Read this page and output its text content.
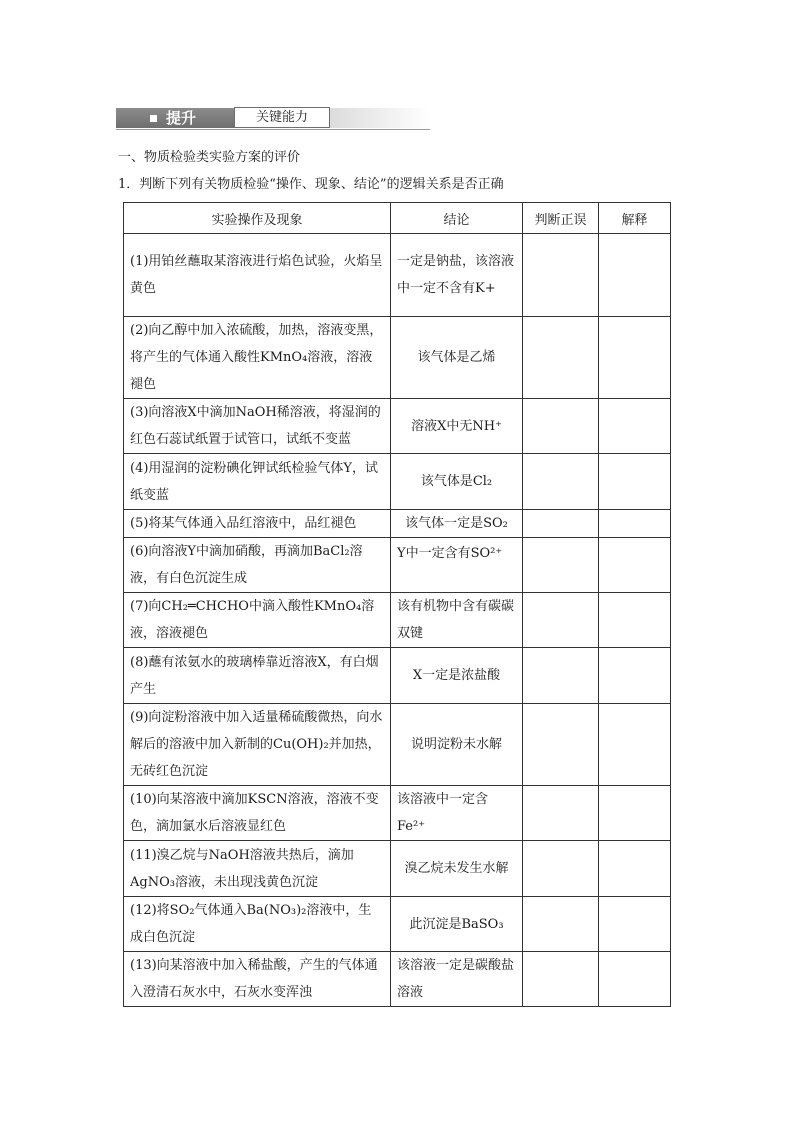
提升	关键能力
一、物质检验类实验方案的评价
1．判断下列有关物质检验“操作、现象、结论”的逻辑关系是否正确
实验操作及现象	结论	判断正误	解释
(1)用铂丝蘸取某溶液进行焰色试验，火焰呈黄色	一定是钠盐，该溶液中一定不含有K+		
(2)向乙醇中加入浓硫酸，加热，溶液变黑，将产生的气体通入酸性KMnO₄溶液，溶液褪色	该气体是乙烯		
(3)向溶液X中滴加NaOH稀溶液，将湿润的红色石蕊试纸置于试管口，试纸不变蓝	溶液X中无NH⁺		
(4)用湿润的淀粉碘化钾试纸检验气体Y，试纸变蓝	该气体是Cl₂		
(5)将某气体通入品红溶液中，品红褪色	该气体一定是SO₂		
(6)向溶液Y中滴加硝酸，再滴加BaCl₂溶液，有白色沉淀生成	Y中一定含有SO²⁺		
(7)向CH₂═CHCHO中滴入酸性KMnO₄溶液，溶液褪色	该有机物中含有碳碳双键		
(8)蘸有浓氨水的玻璃棒靠近溶液X，有白烟产生	X一定是浓盐酸		
(9)向淀粉溶液中加入适量稀硫酸微热，向水解后的溶液中加入新制的Cu(OH)₂并加热，无砖红色沉淀	说明淀粉未水解		
(10)向某溶液中滴加KSCN溶液，溶液不变色，滴加氯水后溶液显红色	该溶液中一定含Fe²⁺		
(11)溴乙烷与NaOH溶液共热后，滴加AgNO₃溶液，未出现浅黄色沉淀	溴乙烷未发生水解		
(12)将SO₂气体通入Ba(NO₃)₂溶液中，生成白色沉淀	此沉淀是BaSO₃		
(13)向某溶液中加入稀盐酸，产生的气体通入澄清石灰水中，石灰水变浑浊	该溶液一定是碳酸盐溶液		
